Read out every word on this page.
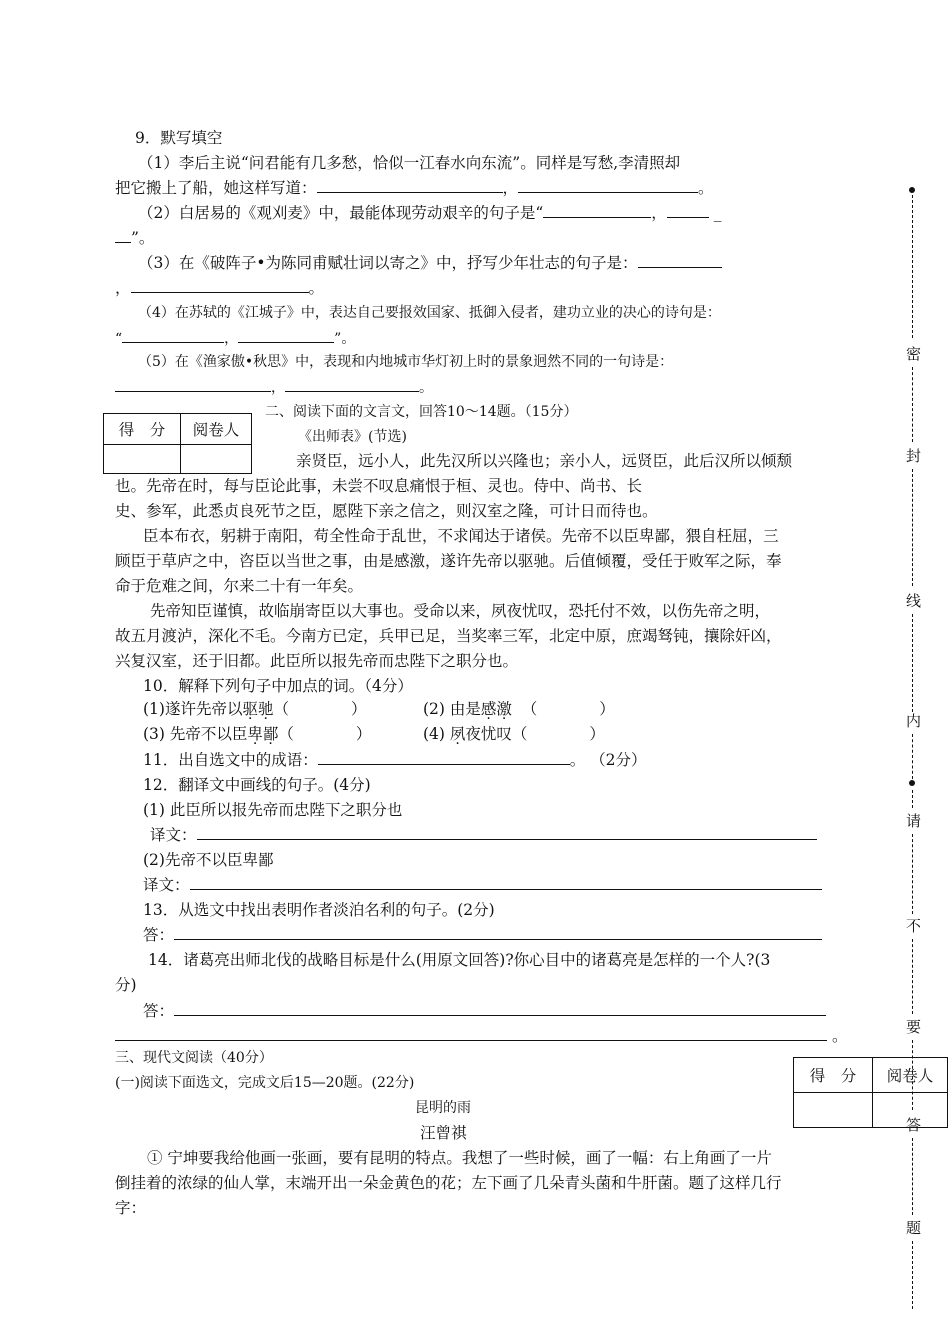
9．默写填空
（1）李后主说“问君能有几多愁，恰似一江春水向东流”。同样是写愁,李清照却
把它搬上了船，她这样写道：	，	。
（2）白居易的《观刈麦》中，最能体现劳动艰辛的句子是“	，	_
”。
（3）在《破阵子•为陈同甫赋壮词以寄之》中，抒写少年壮志的句子是：
，	。
（4）在苏轼的《江城子》中，表达自己要报效国家、抵御入侵者，建功立业的决心的诗句是：
“	，	”。
（5）在《渔家傲•秋思》中，表现和内地城市华灯初上时的景象迥然不同的一句诗是：
，	。
得　分	阅卷人

二、阅读下面的文言文，回答10～14题。（15分）
《出师表》(节选)
亲贤臣，远小人，此先汉所以兴隆也；亲小人，远贤臣，此后汉所以倾颓
也。先帝在时，每与臣论此事，未尝不叹息痛恨于桓、灵也。侍中、尚书、长
史、参军，此悉贞良死节之臣，愿陛下亲之信之，则汉室之隆，可计日而待也。
臣本布衣，躬耕于南阳，苟全性命于乱世，不求闻达于诸侯。先帝不以臣卑鄙，猥自枉屈，三
顾臣于草庐之中，咨臣以当世之事，由是感激，遂许先帝以驱驰。后值倾覆，受任于败军之际，奉
命于危难之间，尔来二十有一年矣。
先帝知臣谨慎，故临崩寄臣以大事也。受命以来，夙夜忧叹，恐托付不效，以伤先帝之明，
故五月渡泸，深化不毛。今南方已定，兵甲已足，当奖率三军，北定中原，庶竭驽钝，攘除奸凶，
兴复汉室，还于旧都。此臣所以报先帝而忠陛下之职分也。
10．解释下列句子中加点的词。（4分）
(1)遂许先帝以驱驰（　　　　）	(2) 由是感激 （　　　　）
(3) 先帝不以臣卑鄙（　　　　）	(4) 夙夜忧叹（　　　　）
11．出自选文中的成语：	。 （2分）
12．翻译文中画线的句子。(4分)
(1) 此臣所以报先帝而忠陛下之职分也
译文：
(2)先帝不以臣卑鄙
译文：
13．从选文中找出表明作者淡泊名利的句子。(2分)
答：
14．诸葛亮出师北伐的战略目标是什么(用原文回答)?你心目中的诸葛亮是怎样的一个人?(3
分)
答：
。
三、现代文阅读（40分）
(一)阅读下面选文，完成文后15—20题。(22分)
昆明的雨
汪曾祺
① 宁坤要我给他画一张画，要有昆明的特点。我想了一些时候，画了一幅：右上角画了一片
倒挂着的浓绿的仙人掌，末端开出一朵金黄色的花；左下画了几朵青头菌和牛肝菌。题了这样几行
字：
得　分	阅卷人

密
封
线
内
请
不
要
答
题
